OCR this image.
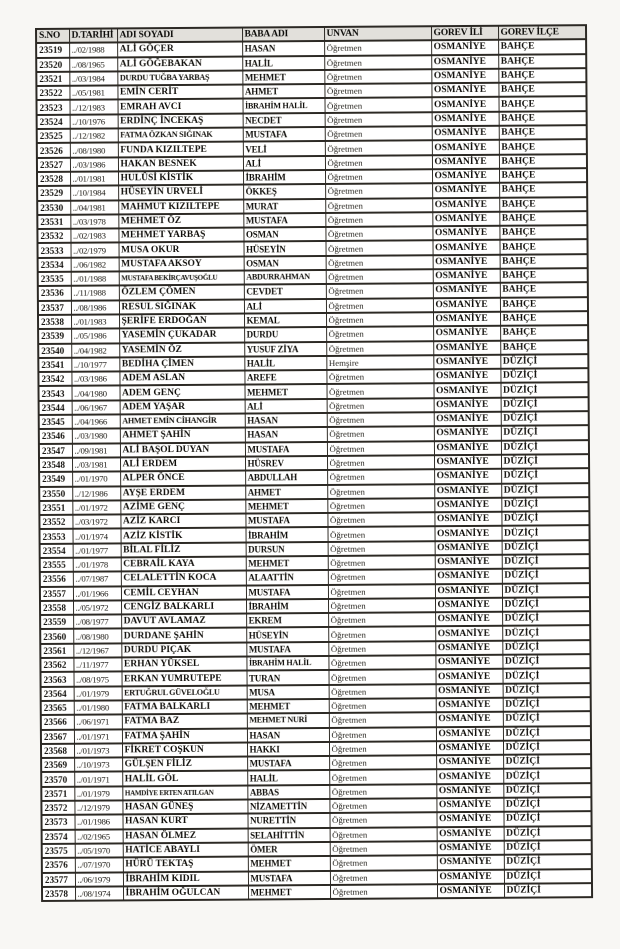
S.NO	D.TARİHİ	ADI SOYADI	BABA ADI	UNVAN	GOREV İLİ	GOREV İLÇE
23519	../02/1988	ALİ GÖÇER	HASAN	Öğretmen	OSMANİYE	BAHÇE
23520	../08/1965	ALİ GÖĞEBAKAN	HALİL	Öğretmen	OSMANİYE	BAHÇE
23521	../03/1984	DURDU TUĞBA YARBAŞ	MEHMET	Öğretmen	OSMANİYE	BAHÇE
23522	../05/1981	EMİN CERİT	AHMET	Öğretmen	OSMANİYE	BAHÇE
23523	../12/1983	EMRAH AVCI	İBRAHİM HALİL	Öğretmen	OSMANİYE	BAHÇE
23524	../10/1976	ERDİNÇ İNCEKAŞ	NECDET	Öğretmen	OSMANİYE	BAHÇE
23525	../12/1982	FATMA ÖZKAN SIĞINAK	MUSTAFA	Öğretmen	OSMANİYE	BAHÇE
23526	../08/1980	FUNDA KIZILTEPE	VELİ	Öğretmen	OSMANİYE	BAHÇE
23527	../03/1986	HAKAN BESNEK	ALİ	Öğretmen	OSMANİYE	BAHÇE
23528	../01/1981	HULÛSİ KİSTİK	İBRAHİM	Öğretmen	OSMANİYE	BAHÇE
23529	../10/1984	HÜSEYİN URVELİ	ÖKKEŞ	Öğretmen	OSMANİYE	BAHÇE
23530	../04/1981	MAHMUT KIZILTEPE	MURAT	Öğretmen	OSMANİYE	BAHÇE
23531	../03/1978	MEHMET ÖZ	MUSTAFA	Öğretmen	OSMANİYE	BAHÇE
23532	../02/1983	MEHMET YARBAŞ	OSMAN	Öğretmen	OSMANİYE	BAHÇE
23533	../02/1979	MUSA OKUR	HÜSEYİN	Öğretmen	OSMANİYE	BAHÇE
23534	../06/1982	MUSTAFA AKSOY	OSMAN	Öğretmen	OSMANİYE	BAHÇE
23535	../01/1988	MUSTAFA BEKİRÇAVUŞOĞLU	ABDURRAHMAN	Öğretmen	OSMANİYE	BAHÇE
23536	../11/1988	ÖZLEM ÇÖMEN	CEVDET	Öğretmen	OSMANİYE	BAHÇE
23537	../08/1986	RESUL SIĞINAK	ALİ	Öğretmen	OSMANİYE	BAHÇE
23538	../01/1983	ŞERİFE ERDOĞAN	KEMAL	Öğretmen	OSMANİYE	BAHÇE
23539	../05/1986	YASEMİN ÇUKADAR	DURDU	Öğretmen	OSMANİYE	BAHÇE
23540	../04/1982	YASEMİN ÖZ	YUSUF ZİYA	Öğretmen	OSMANİYE	BAHÇE
23541	../10/1977	BEDİHA ÇİMEN	HALİL	Hemşire	OSMANİYE	DÜZİÇİ
23542	../03/1986	ADEM ASLAN	AREFE	Öğretmen	OSMANİYE	DÜZİÇİ
23543	../04/1980	ADEM GENÇ	MEHMET	Öğretmen	OSMANİYE	DÜZİÇİ
23544	../06/1967	ADEM YAŞAR	ALİ	Öğretmen	OSMANİYE	DÜZİÇİ
23545	../04/1966	AHMET EMİN CİHANGİR	HASAN	Öğretmen	OSMANİYE	DÜZİÇİ
23546	../03/1980	AHMET ŞAHİN	HASAN	Öğretmen	OSMANİYE	DÜZİÇİ
23547	../09/1981	ALİ BAŞOL DUYAN	MUSTAFA	Öğretmen	OSMANİYE	DÜZİÇİ
23548	../03/1981	ALİ ERDEM	HÜSREV	Öğretmen	OSMANİYE	DÜZİÇİ
23549	../01/1970	ALPER ÖNCE	ABDULLAH	Öğretmen	OSMANİYE	DÜZİÇİ
23550	../12/1986	AYŞE ERDEM	AHMET	Öğretmen	OSMANİYE	DÜZİÇİ
23551	../01/1972	AZİME GENÇ	MEHMET	Öğretmen	OSMANİYE	DÜZİÇİ
23552	../03/1972	AZİZ KARCI	MUSTAFA	Öğretmen	OSMANİYE	DÜZİÇİ
23553	../01/1974	AZİZ KİSTİK	İBRAHİM	Öğretmen	OSMANİYE	DÜZİÇİ
23554	../01/1977	BİLAL FİLİZ	DURSUN	Öğretmen	OSMANİYE	DÜZİÇİ
23555	../01/1978	CEBRAİL KAYA	MEHMET	Öğretmen	OSMANİYE	DÜZİÇİ
23556	../07/1987	CELALETTİN KOCA	ALAATTİN	Öğretmen	OSMANİYE	DÜZİÇİ
23557	../01/1966	CEMİL CEYHAN	MUSTAFA	Öğretmen	OSMANİYE	DÜZİÇİ
23558	../05/1972	CENGİZ BALKARLI	İBRAHİM	Öğretmen	OSMANİYE	DÜZİÇİ
23559	../08/1977	DAVUT AVLAMAZ	EKREM	Öğretmen	OSMANİYE	DÜZİÇİ
23560	../08/1980	DURDANE ŞAHİN	HÜSEYİN	Öğretmen	OSMANİYE	DÜZİÇİ
23561	../12/1967	DURDU PIÇAK	MUSTAFA	Öğretmen	OSMANİYE	DÜZİÇİ
23562	../11/1977	ERHAN YÜKSEL	İBRAHİM HALİL	Öğretmen	OSMANİYE	DÜZİÇİ
23563	../08/1975	ERKAN YUMRUTEPE	TURAN	Öğretmen	OSMANİYE	DÜZİÇİ
23564	../01/1979	ERTUĞRUL GÜVELOĞLU	MUSA	Öğretmen	OSMANİYE	DÜZİÇİ
23565	../01/1980	FATMA BALKARLI	MEHMET	Öğretmen	OSMANİYE	DÜZİÇİ
23566	../06/1971	FATMA BAZ	MEHMET NURİ	Öğretmen	OSMANİYE	DÜZİÇİ
23567	../01/1971	FATMA ŞAHİN	HASAN	Öğretmen	OSMANİYE	DÜZİÇİ
23568	../01/1973	FİKRET COŞKUN	HAKKI	Öğretmen	OSMANİYE	DÜZİÇİ
23569	../10/1973	GÜLŞEN FİLİZ	MUSTAFA	Öğretmen	OSMANİYE	DÜZİÇİ
23570	../01/1971	HALİL GÖL	HALİL	Öğretmen	OSMANİYE	DÜZİÇİ
23571	../01/1979	HAMDİYE ERTEN ATILGAN	ABBAS	Öğretmen	OSMANİYE	DÜZİÇİ
23572	../12/1979	HASAN GÜNEŞ	NİZAMETTİN	Öğretmen	OSMANİYE	DÜZİÇİ
23573	../01/1986	HASAN KURT	NURETTİN	Öğretmen	OSMANİYE	DÜZİÇİ
23574	../02/1965	HASAN ÖLMEZ	SELAHİTTİN	Öğretmen	OSMANİYE	DÜZİÇİ
23575	../05/1970	HATİCE ABAYLI	ÖMER	Öğretmen	OSMANİYE	DÜZİÇİ
23576	../07/1970	HÜRÜ TEKTAŞ	MEHMET	Öğretmen	OSMANİYE	DÜZİÇİ
23577	../06/1979	İBRAHİM KIDIL	MUSTAFA	Öğretmen	OSMANİYE	DÜZİÇİ
23578	../08/1974	İBRAHİM OĞULCAN	MEHMET	Öğretmen	OSMANİYE	DÜZİÇİ
